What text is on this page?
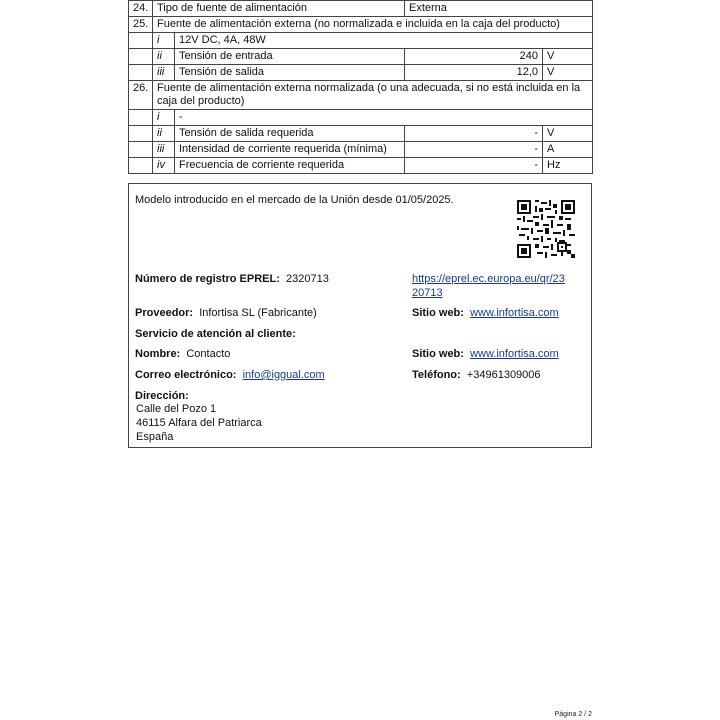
24.	Tipo de fuente de alimentación		Externa	
25.	Fuente de alimentación externa (no normalizada e incluida en la caja del producto)			
	i	12V DC, 4A, 48W		
	ii	Tensión de entrada	240	V
	iii	Tensión de salida	12,0	V
26.	Fuente de alimentación externa normalizada (o una adecuada, si no está incluida en la caja del producto)			
	i	-		
	ii	Tensión de salida requerida	-	V
	iii	Intensidad de corriente requerida (mínima)	-	A
	iv	Frecuencia de corriente requerida	-	Hz
Modelo introducido en el mercado de la Unión desde 01/05/2025.
Número de registro EPREL: 2320713	https://eprel.ec.europa.eu/qr/23
20713
Proveedor: Infortisa SL (Fabricante)	Sitio web: www.infortisa.com
Servicio de atención al cliente:
Nombre: Contacto	Sitio web: www.infortisa.com
Correo electrónico: info@iggual.com	Teléfono: +34961309006
Dirección:
Calle del Pozo 1
46115 Alfara del Patriarca
España
Página 2 / 2
